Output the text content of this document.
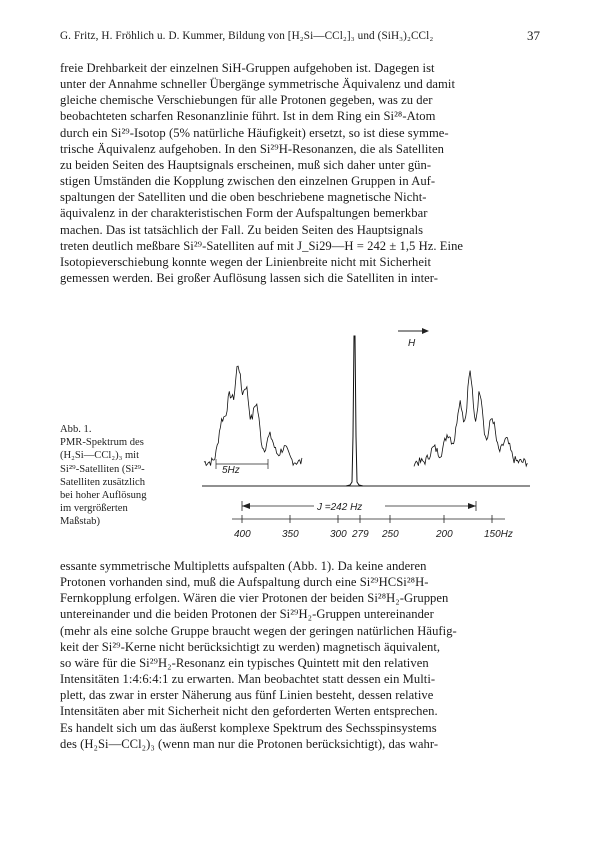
G. Fritz, H. Fröhlich u. D. Kummer, Bildung von [H₂Si—CCl₂]₃ und (SiH₃)₂CCl₂	37
freie Drehbarkeit der einzelnen SiH-Gruppen aufgehoben ist. Dagegen ist
unter der Annahme schneller Übergänge symmetrische Äquivalenz und damit
gleiche chemische Verschiebungen für alle Protonen gegeben, was zu der
beobachteten scharfen Resonanzlinie führt. Ist in dem Ring ein Si²⁸-Atom
durch ein Si²⁹-Isotop (5% natürliche Häufigkeit) ersetzt, so ist diese symme-
trische Äquivalenz aufgehoben. In den Si²⁹H-Resonanzen, die als Satelliten
zu beiden Seiten des Hauptsignals erscheinen, muß sich daher unter gün-
stigen Umständen die Kopplung zwischen den einzelnen Gruppen in Auf-
spaltungen der Satelliten und die oben beschriebene magnetische Nicht-
äquivalenz in der charakteristischen Form der Aufspaltungen bemerkbar
machen. Das ist tatsächlich der Fall. Zu beiden Seiten des Hauptsignals
treten deutlich meßbare Si²⁹-Satelliten auf mit J_Si29—H = 242 ± 1,5 Hz. Eine
Isotopieverschiebung konnte wegen der Linienbreite nicht mit Sicherheit
gemessen werden. Bei großer Auflösung lassen sich die Satelliten in inter-
Abb. 1.
PMR-Spektrum des
(H₂Si—CCl₂)₃ mit
Si²⁹-Satelliten (Si²⁹-
Satelliten zusätzlich
bei hoher Auflösung
im vergrößerten
Maßstab)
H
5Hz
J =242 Hz
400	350	300 279 250	200	150Hz
essante symmetrische Multipletts aufspalten (Abb. 1). Da keine anderen
Protonen vorhanden sind, muß die Aufspaltung durch eine Si²⁹HCSi²⁸H-
Fernkopplung erfolgen. Wären die vier Protonen der beiden Si²⁸H₂-Gruppen
untereinander und die beiden Protonen der Si²⁹H₂-Gruppen untereinander
(mehr als eine solche Gruppe braucht wegen der geringen natürlichen Häufig-
keit der Si²⁹-Kerne nicht berücksichtigt zu werden) magnetisch äquivalent,
so wäre für die Si²⁹H₂-Resonanz ein typisches Quintett mit den relativen
Intensitäten 1:4:6:4:1 zu erwarten. Man beobachtet statt dessen ein Multi-
plett, das zwar in erster Näherung aus fünf Linien besteht, dessen relative
Intensitäten aber mit Sicherheit nicht den geforderten Werten entsprechen.
Es handelt sich um das äußerst komplexe Spektrum des Sechsspinsystems
des (H₂Si—CCl₂)₃ (wenn man nur die Protonen berücksichtigt), das wahr-
